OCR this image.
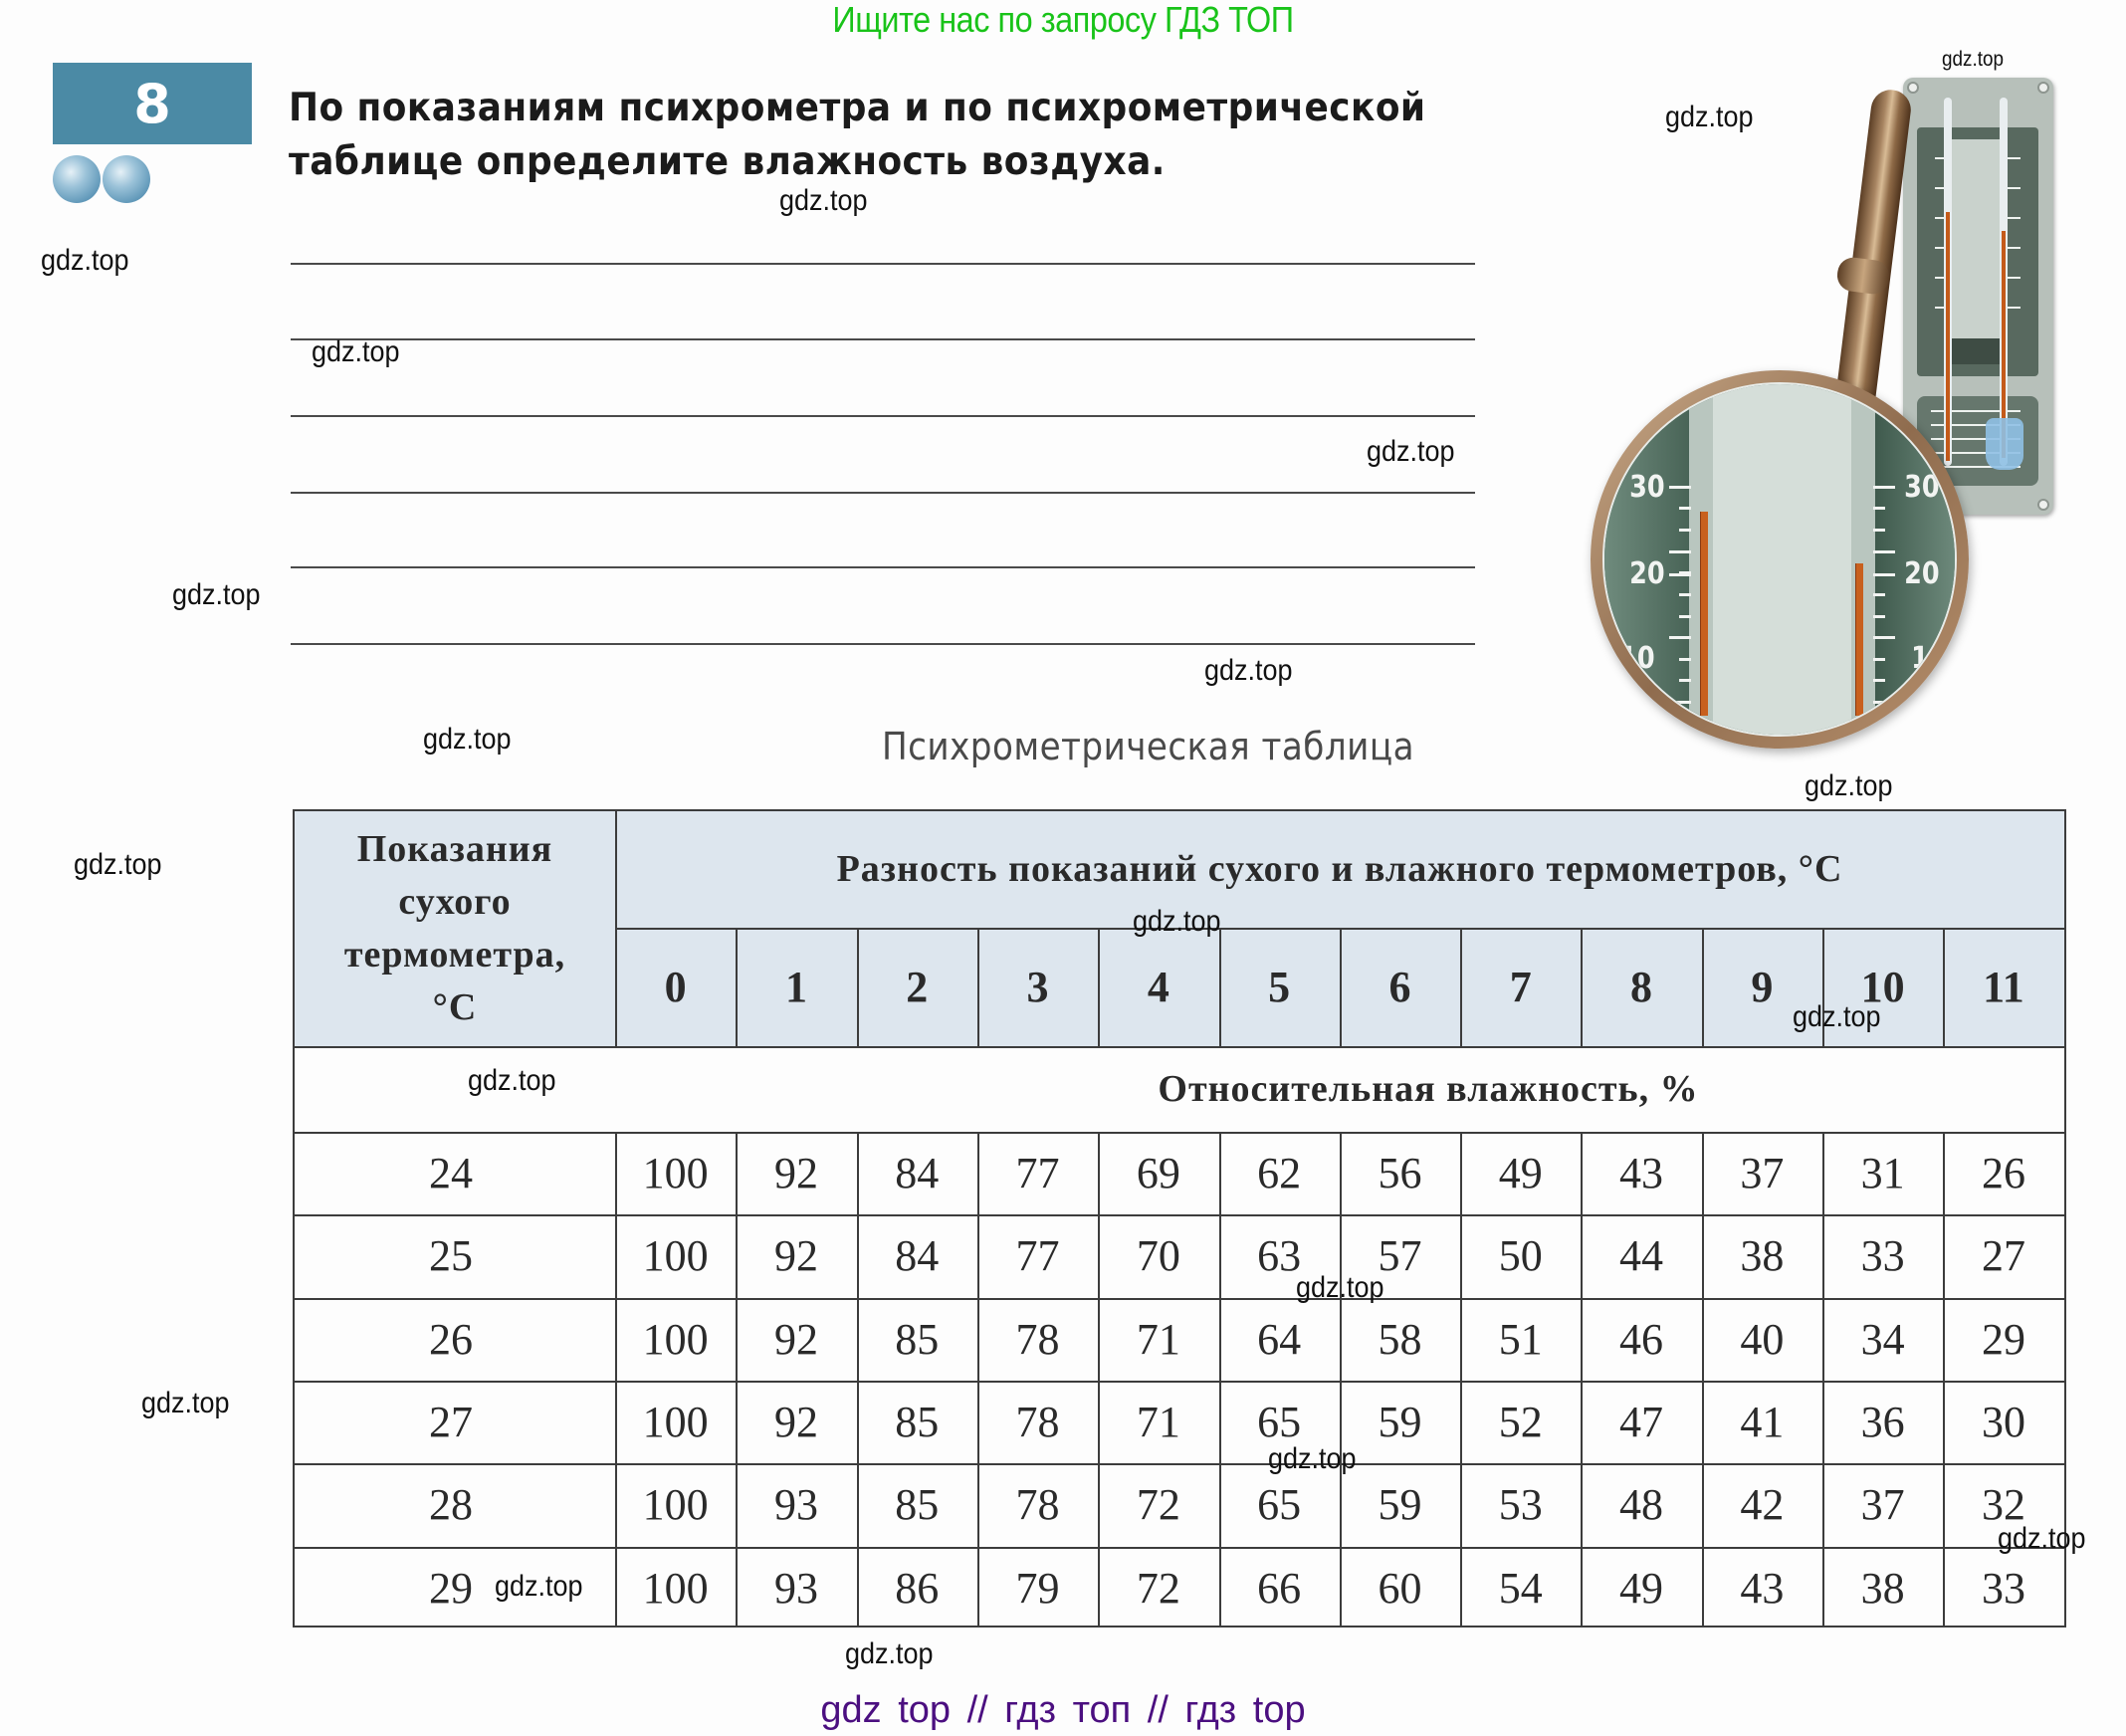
Ищите нас по запросу ГДЗ ТОП
8	По показаниям психрометра и по психрометрической
таблице определите влажность воздуха.
30
20
10
30
20
10
Психрометрическая таблица
Показания
сухого
термометра,
°C
Разность показаний сухого и влажного термометров, °C
0	1	2	3	4	5	6	7	8	9	10	11
Относительная влажность, %
24	100	92	84	77	69	62	56	49	43	37	31	26
25	100	92	84	77	70	63	57	50	44	38	33	27
26	100	92	85	78	71	64	58	51	46	40	34	29
27	100	92	85	78	71	65	59	52	47	41	36	30
28	100	93	85	78	72	65	59	53	48	42	37	32
29	100	93	86	79	72	66	60	54	49	43	38	33
gdz.top
gdz.top
gdz.top
gdz.top
gdz.top
gdz.top
gdz.top
gdz.top
gdz.top
gdz.top
gdz.top
gdz.top
gdz.top
gdz.top
gdz.top
gdz.top
gdz.top
gdz.top
gdz.top
gdz.top
gdz top // гдз топ // гдз top
